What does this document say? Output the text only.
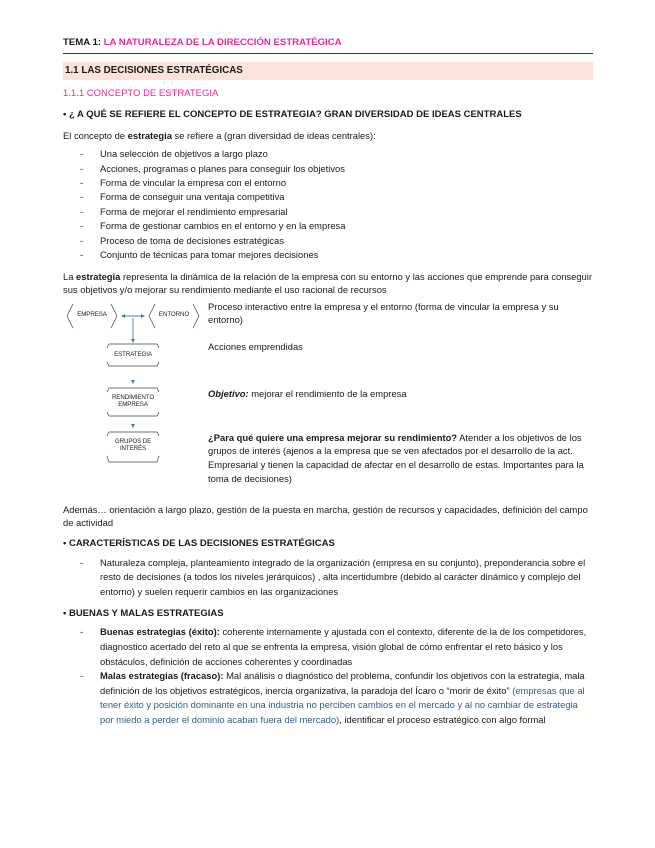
TEMA 1: LA NATURALEZA DE LA DIRECCIÓN ESTRATÉGICA
1.1 LAS DECISIONES ESTRATÉGICAS
1.1.1 CONCEPTO DE ESTRATEGIA
• ¿ A QUÉ SE REFIERE EL CONCEPTO DE ESTRATEGIA? GRAN DIVERSIDAD DE IDEAS CENTRALES

El concepto de estrategia se refiere a (gran diversidad de ideas centrales):

- Una selección de objetivos a largo plazo
- Acciones, programas o planes para conseguir los objetivos
- Forma de vincular la empresa con el entorno
- Forma de conseguir una ventaja competitiva
- Forma de mejorar el rendimiento empresarial
- Forma de gestionar cambios en el entorno y en la empresa
- Proceso de toma de decisiones estratégicas
- Conjunto de técnicas para tomar mejores decisiones

La estrategia representa la dinámica de la relación de la empresa con su entorno y las acciones que emprende para conseguir sus objetivos y/o mejorar su rendimiento mediante el uso racional de recursos

EMPRESA	ENTORNO
ESTRATEGIA
RENDIMIENTO EMPRESA
GRUPOS DE INTERÉS
Proceso interactivo entre la empresa y el entorno (forma de vincular la empresa y su entorno)
Acciones emprendidas
Objetivo: mejorar el rendimiento de la empresa
¿Para qué quiere una empresa mejorar su rendimiento? Atender a los objetivos de los grupos de interés (ajenos a la empresa que se ven afectados por el desarrollo de la act. Empresarial y tienen la capacidad de afectar en el desarrollo de estas. Importantes para la toma de decisiones)

Además… orientación a largo plazo, gestión de la puesta en marcha, gestión de recursos y capacidades, definición del campo de actividad

• CARACTERÍSTICAS DE LAS DECISIONES ESTRATÉGICAS
- Naturaleza compleja, planteamiento integrado de la organización (empresa en su conjunto), preponderancia sobre el resto de decisiones (a todos los niveles jerárquicos) , alta incertidumbre (debido al carácter dinámico y complejo del entorno) y suelen requerir cambios en las organizaciones
• BUENAS Y MALAS ESTRATEGIAS
- Buenas estrategias (éxito): coherente internamente y ajustada con el contexto, diferente de la de los competidores, diagnostico acertado del reto al que se enfrenta la empresa, visión global de cómo enfrentar el reto básico y los obstáculos, definición de acciones coherentes y coordinadas
- Malas estrategias (fracaso): Mal análisis o diagnóstico del problema, confundir los objetivos con la estrategia, mala definición de los objetivos estratégicos, inercia organizativa, la paradoja del Ícaro o “morir de éxito” (empresas que al tener éxito y posición dominante en una industria no perciben cambios en el mercado y al no cambiar de estrategia por miedo a perder el dominio acaban fuera del mercado), identificar el proceso estratégico con algo formal
